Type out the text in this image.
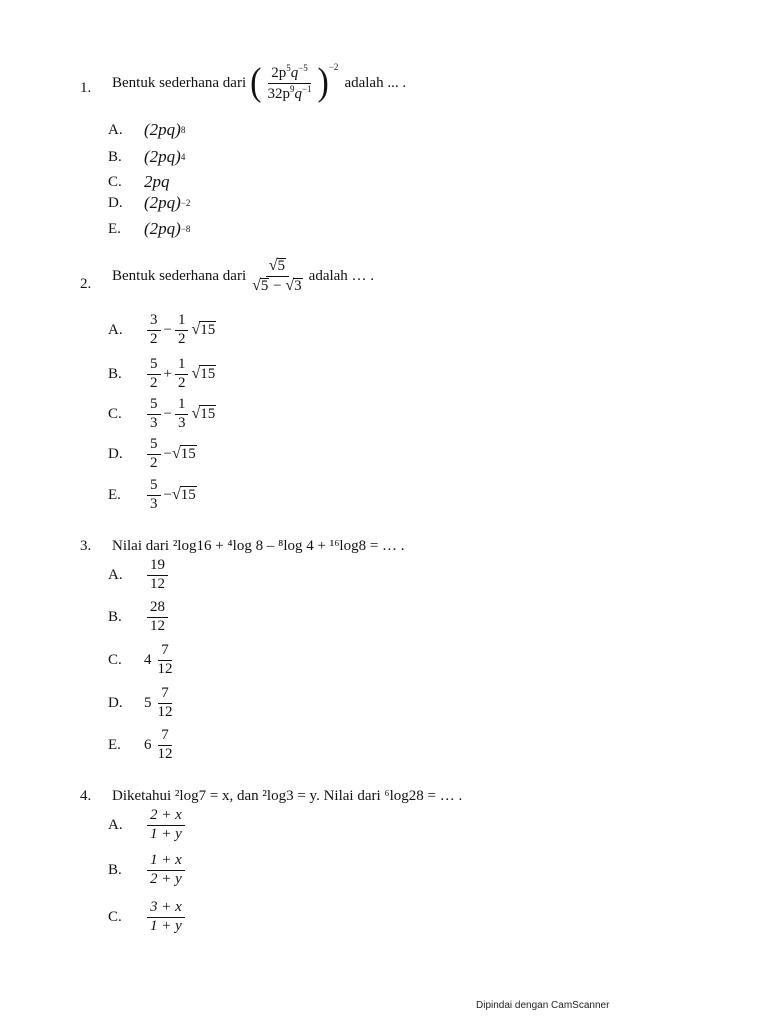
1. Bentuk sederhana dari ( $\frac{2p^5q^{-5}}{32p^9q^{-1}} )^{-2}$
adalah ... .
2.
Bentuk sederhana dari $\frac{√ 5}{√ 5 - √ 3}$ adalah … .
3. Nilai dari ²log16 + ⁴log 8 – ⁸log 4 + ¹⁶log8 = … .
4. Diketahui ²log7 = x, dan ²log3 = y. Nilai dari ⁶log28 = … .
Dipindai dengan CamScanner
A.	(2pq) 8
B.	(2pq) 4
C.	2pq
D.	(2pq) −2
E.	(2pq) −8
A.	$\frac{3}{2} - \frac{1}{2}$ √ 15
B.	$\frac{5}{2} + \frac{1}{2}$ √ 15
C.	$\frac{5}{3} - \frac{1}{3}$ √ 15
D.	$\frac{5}{2}$ − √ 15
E.	$\frac{5}{3}$ − √ 15
A.	$\frac{19}{12}$
B.	$\frac{28}{12}$
C.	$4 \frac{7}{12}$
D.	$5 \frac{7}{12}$
E.	$6 \frac{7}{12}$
A.	$\frac{2 + x}{1 + y}$
B.	$\frac{1 + x}{2 + y}$
C.	$\frac{3 + x}{1 + y}$
